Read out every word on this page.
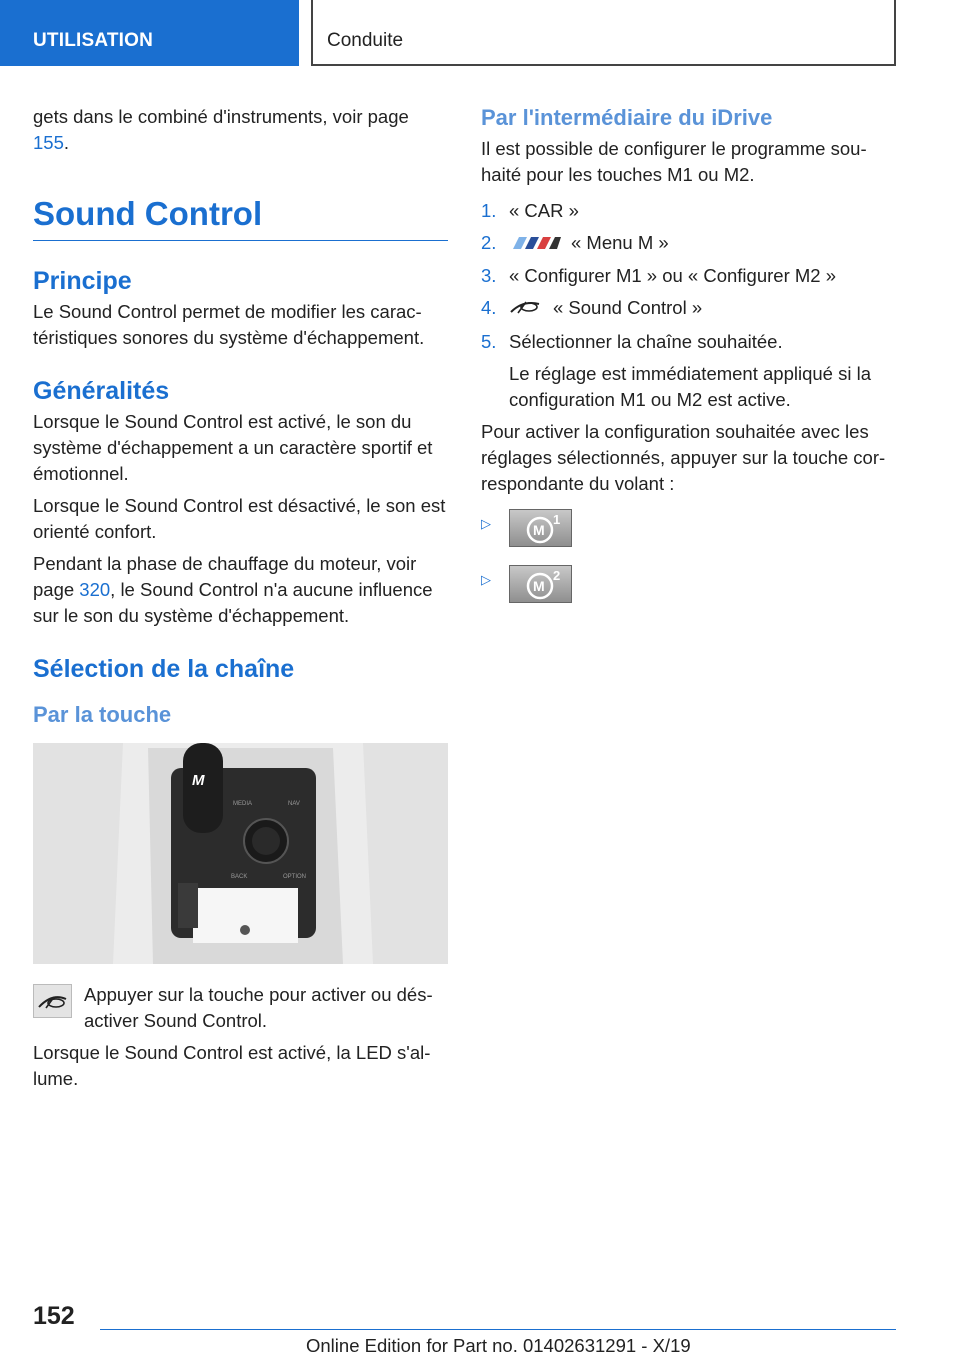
UTILISATION	Conduite

gets dans le combiné d'instruments, voir page 155.

Sound Control
Principe

Le Sound Control permet de modifier les caractéristiques sonores du système d'échappement.

Généralités

Lorsque le Sound Control est activé, le son du système d'échappement a un caractère sportif et émotionnel.

Lorsque le Sound Control est désactivé, le son est orienté confort.

Pendant la phase de chauffage du moteur, voir page 320, le Sound Control n'a aucune influence sur le son du système d'échappement.

Sélection de la chaîne
Par la touche
M
MEDIA	NAV
BACK	OPTION
Appuyer sur la touche pour activer ou désactiver Sound Control.

Lorsque le Sound Control est activé, la LED s'allume.

Par l'intermédiaire du iDrive

Il est possible de configurer le programme souhaité pour les touches M1 ou M2.

1. « CAR »
2.	« Menu M »
3. « Configurer M1 » ou « Configurer M2 »
4.	« Sound Control »
5. Sélectionner la chaîne souhaitée.

Le réglage est immédiatement appliqué si la configuration M1 ou M2 est active.

Pour activer la configuration souhaitée avec les réglages sélectionnés, appuyer sur la touche correspondante du volant :

▷	M
1
▷	M
2
152
Online Edition for Part no. 01402631291 - X/19
